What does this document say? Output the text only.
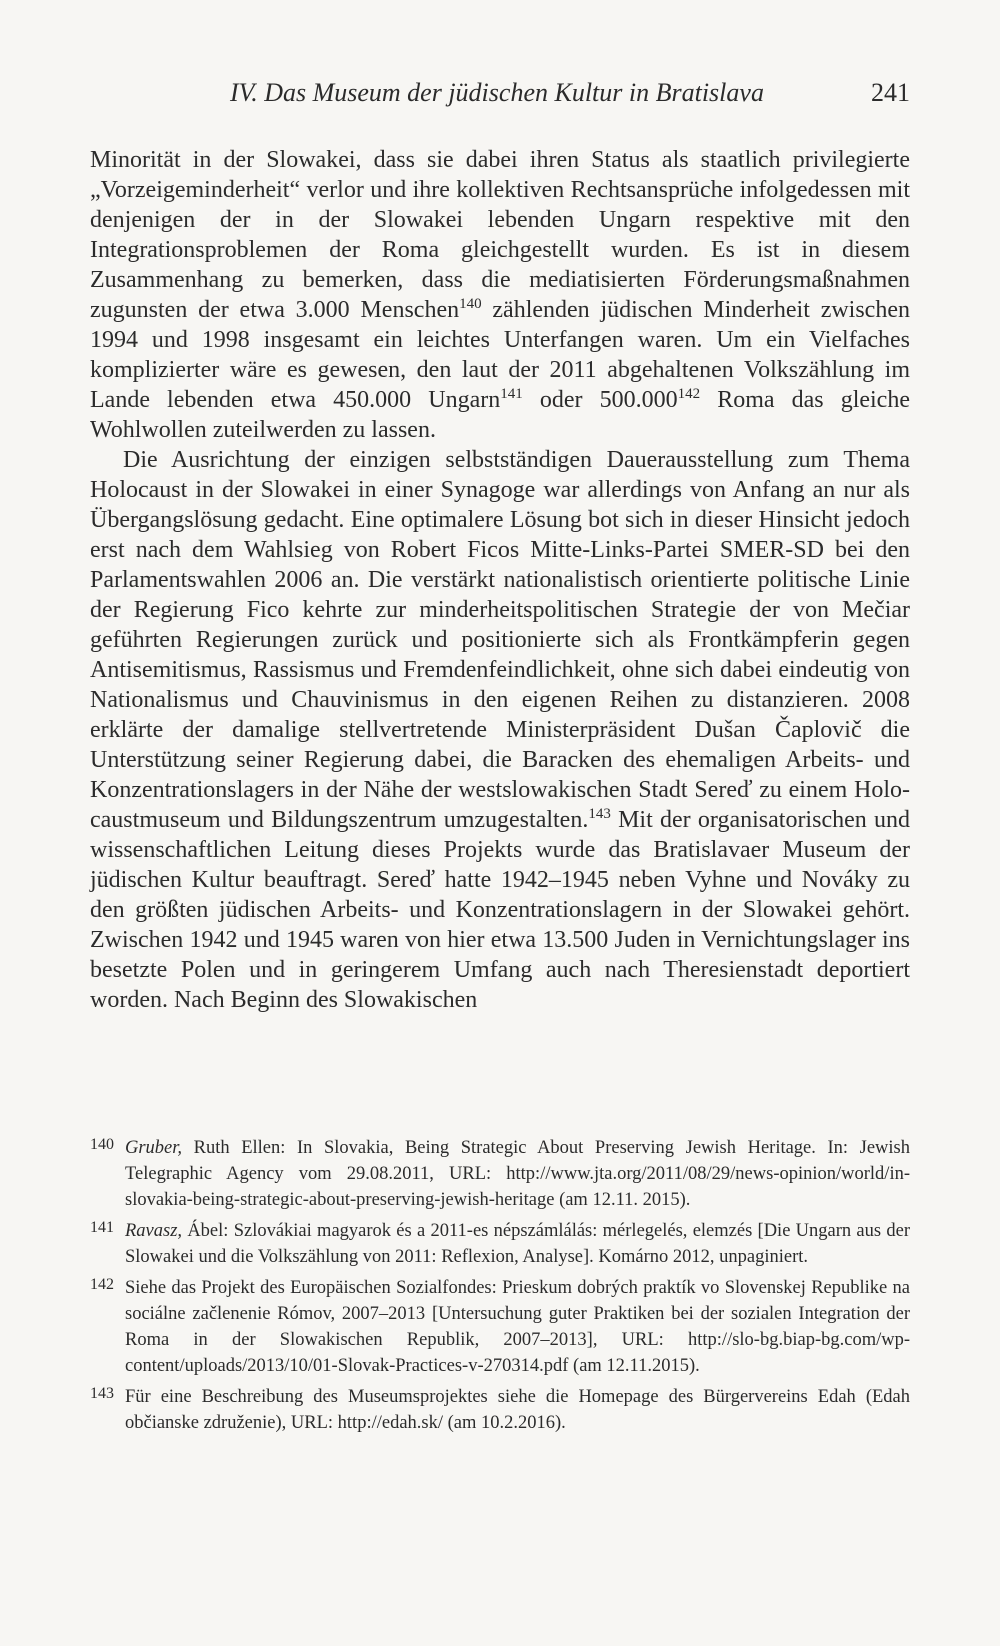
IV. Das Museum der jüdischen Kultur in Bratislava	241

Minorität in der Slowakei, dass sie dabei ihren Status als staatlich privilegierte „Vorzeigeminderheit“ verlor und ihre kollektiven Rechtsansprüche infolgedessen mit denjenigen der in der Slowakei lebenden Ungarn respektive mit den Integrationsproblemen der Roma gleichgestellt wurden. Es ist in diesem Zusammenhang zu bemerken, dass die mediatisierten Förderungsmaßnahmen zugunsten der etwa 3.000 Menschen$^{140}$ zählenden jüdischen Minderheit zwischen 1994 und 1998 insgesamt ein leichtes Unterfangen waren. Um ein Vielfaches komplizierter wäre es gewesen, den laut der 2011 abgehaltenen Volkszählung im Lande lebenden etwa 450.000 Ungarn$^{141}$ oder 500.000$^{142}$ Roma das gleiche Wohlwollen zuteilwerden zu lassen.

Die Ausrichtung der einzigen selbstständigen Dauerausstellung zum Thema Holocaust in der Slowakei in einer Synagoge war allerdings von Anfang an nur als Übergangslösung gedacht. Eine optimalere Lösung bot sich in dieser Hinsicht jedoch erst nach dem Wahlsieg von Robert Ficos Mitte-Links-Partei SMER-SD bei den Parlamentswahlen 2006 an. Die verstärkt nationalistisch orientierte politische Linie der Regierung Fico kehrte zur minderheitspolitischen Strategie der von Mečiar geführten Regierungen zurück und positionierte sich als Frontkämpferin gegen Antisemitismus, Rassismus und Fremdenfeindlichkeit, ohne sich dabei eindeutig von Nationalismus und Chauvinismus in den eigenen Reihen zu distanzieren. 2008 erklärte der damalige stellvertretende Ministerpräsident Dušan Čaplovič die Unterstützung seiner Regierung dabei, die Baracken des ehemaligen Arbeits- und Konzentrationslagers in der Nähe der westslowakischen Stadt Sereď zu einem Holocaustmuseum und Bildungszentrum umzugestalten.$^{143}$ Mit der organisatorischen und wissenschaftlichen Leitung dieses Projekts wurde das Bratislavaer Museum der jüdischen Kultur beauftragt. Sereď hatte 1942–1945 neben Vyhne und Nováky zu den größten jüdischen Arbeits- und Konzentrationslagern in der Slowakei gehört. Zwischen 1942 und 1945 waren von hier etwa 13.500 Juden in Vernichtungslager ins besetzte Polen und in geringerem Umfang auch nach Theresienstadt deportiert worden. Nach Beginn des Slowakischen

140 Gruber, Ruth Ellen: In Slovakia, Being Strategic About Preserving Jewish Heritage. In: Jewish Telegraphic Agency vom 29.08.2011, URL: http://www.jta.org/2011/08/29/news-opinion/world/in-slovakia-being-strategic-about-preserving-jewish-heritage (am 12.11. 2015).
141 Ravasz, Ábel: Szlovákiai magyarok és a 2011-es népszámlálás: mérlegelés, elemzés [Die Ungarn aus der Slowakei und die Volkszählung von 2011: Reflexion, Analyse]. Komárno 2012, unpaginiert.
142 Siehe das Projekt des Europäischen Sozialfondes: Prieskum dobrých praktík vo Slovenskej Republike na sociálne začlenenie Rómov, 2007–2013 [Untersuchung guter Praktiken bei der sozialen Integration der Roma in der Slowakischen Republik, 2007–2013], URL: http://slo-bg.biap-bg.com/wp-content/uploads/2013/10/01-Slovak-Practices-v-270314.pdf (am 12.11.2015).
143 Für eine Beschreibung des Museumsprojektes siehe die Homepage des Bürgervereins Edah (Edah občianske združenie), URL: http://edah.sk/ (am 10.2.2016).
